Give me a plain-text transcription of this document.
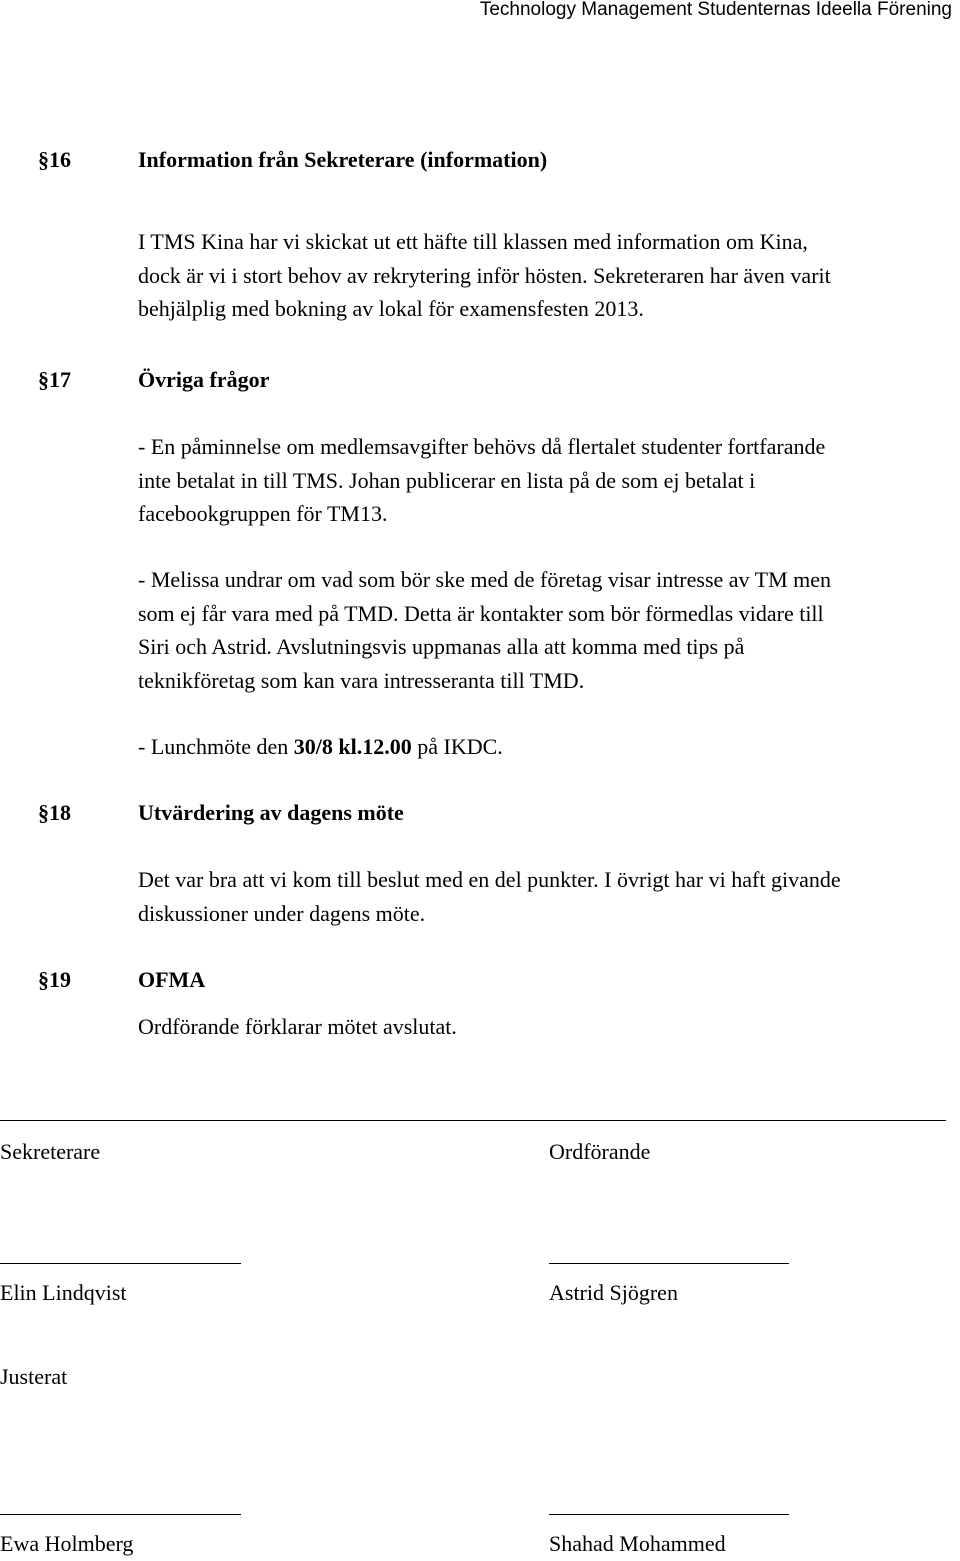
Technology Management Studenternas Ideella Förening
§16	Information från Sekreterare (information)
I TMS Kina har vi skickat ut ett häfte till klassen med information om Kina,
dock är vi i stort behov av rekrytering inför hösten. Sekreteraren har även varit
behjälplig med bokning av lokal för examensfesten 2013.
§17	Övriga frågor
- En påminnelse om medlemsavgifter behövs då flertalet studenter fortfarande
inte betalat in till TMS. Johan publicerar en lista på de som ej betalat i
facebookgruppen för TM13.
- Melissa undrar om vad som bör ske med de företag visar intresse av TM men
som ej får vara med på TMD. Detta är kontakter som bör förmedlas vidare till
Siri och Astrid. Avslutningsvis uppmanas alla att komma med tips på
teknikföretag som kan vara intresseranta till TMD.
- Lunchmöte den 30/8 kl.12.00 på IKDC.
§18	Utvärdering av dagens möte
Det var bra att vi kom till beslut med en del punkter. I övrigt har vi haft givande
diskussioner under dagens möte.
§19	OFMA
Ordförande förklarar mötet avslutat.
Sekreterare	Ordförande
Elin Lindqvist	Astrid Sjögren
Justerat
Ewa Holmberg	Shahad Mohammed
